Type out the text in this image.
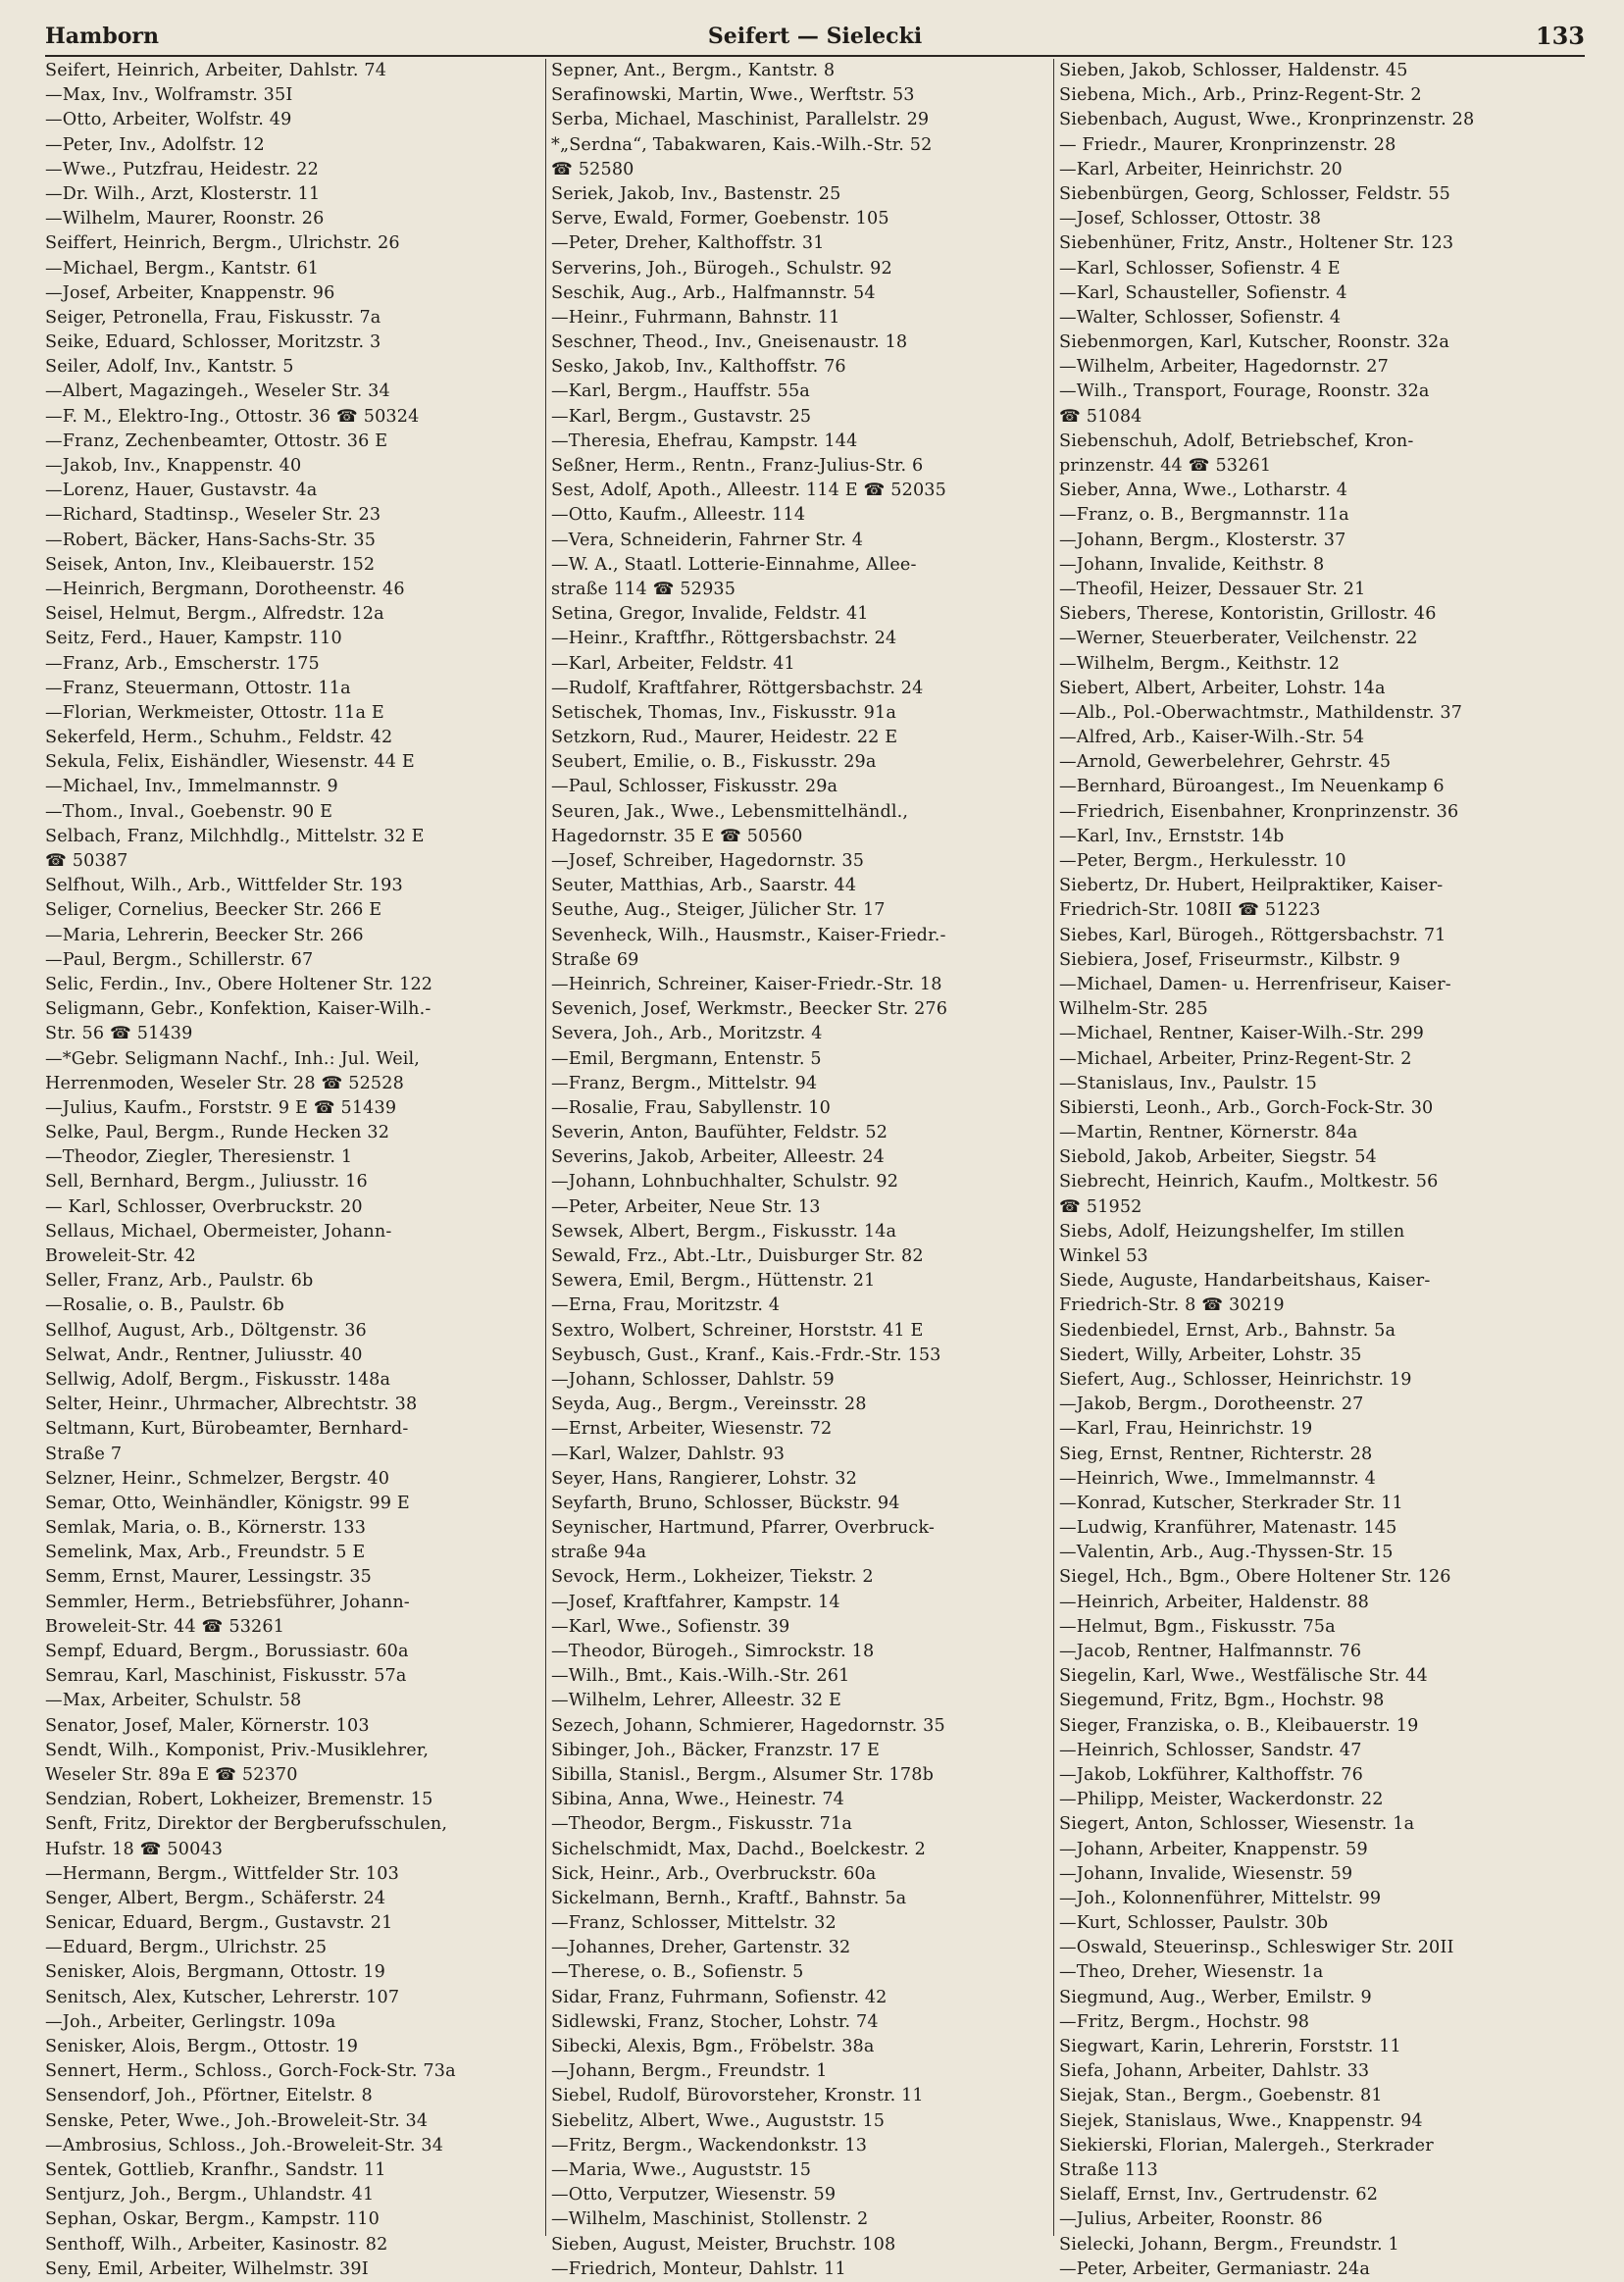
Seifert — Sielecki
Hamborn	133
Seifert, Heinrich, Arbeiter, Dahlstr. 74
—Max, Inv., Wolframstr. 35I
—Otto, Arbeiter, Wolfstr. 49
—Peter, Inv., Adolfstr. 12
—Wwe., Putzfrau, Heidestr. 22
—Dr. Wilh., Arzt, Klosterstr. 11
—Wilhelm, Maurer, Roonstr. 26
Seiffert, Heinrich, Bergm., Ulrichstr. 26
—Michael, Bergm., Kantstr. 61
—Josef, Arbeiter, Knappenstr. 96
Seiger, Petronella, Frau, Fiskusstr. 7a
Seike, Eduard, Schlosser, Moritzstr. 3
Seiler, Adolf, Inv., Kantstr. 5
—Albert, Magazingeh., Weseler Str. 34
—F. M., Elektro-Ing., Ottostr. 36 ☎ 50324
—Franz, Zechenbeamter, Ottostr. 36 E
—Jakob, Inv., Knappenstr. 40
—Lorenz, Hauer, Gustavstr. 4a
—Richard, Stadtinsp., Weseler Str. 23
—Robert, Bäcker, Hans-Sachs-Str. 35
Seisek, Anton, Inv., Kleibauerstr. 152
—Heinrich, Bergmann, Dorotheenstr. 46
Seisel, Helmut, Bergm., Alfredstr. 12a
Seitz, Ferd., Hauer, Kampstr. 110
—Franz, Arb., Emscherstr. 175
—Franz, Steuermann, Ottostr. 11a
—Florian, Werkmeister, Ottostr. 11a E
Sekerfeld, Herm., Schuhm., Feldstr. 42
Sekula, Felix, Eishändler, Wiesenstr. 44 E
—Michael, Inv., Immelmannstr. 9
—Thom., Inval., Goebenstr. 90 E
Selbach, Franz, Milchhdlg., Mittelstr. 32 E
☎ 50387
Selfhout, Wilh., Arb., Wittfelder Str. 193
Seliger, Cornelius, Beecker Str. 266 E
—Maria, Lehrerin, Beecker Str. 266
—Paul, Bergm., Schillerstr. 67
Selic, Ferdin., Inv., Obere Holtener Str. 122
Seligmann, Gebr., Konfektion, Kaiser-Wilh.-
Str. 56 ☎ 51439
—*Gebr. Seligmann Nachf., Inh.: Jul. Weil,
Herrenmoden, Weseler Str. 28 ☎ 52528
—Julius, Kaufm., Forststr. 9 E ☎ 51439
Selke, Paul, Bergm., Runde Hecken 32
—Theodor, Ziegler, Theresienstr. 1
Sell, Bernhard, Bergm., Juliusstr. 16
— Karl, Schlosser, Overbruckstr. 20
Sellaus, Michael, Obermeister, Johann-
Broweleit-Str. 42
Seller, Franz, Arb., Paulstr. 6b
—Rosalie, o. B., Paulstr. 6b
Sellhof, August, Arb., Döltgenstr. 36
Selwat, Andr., Rentner, Juliusstr. 40
Sellwig, Adolf, Bergm., Fiskusstr. 148a
Selter, Heinr., Uhrmacher, Albrechtstr. 38
Seltmann, Kurt, Bürobeamter, Bernhard-
Straße 7
Selzner, Heinr., Schmelzer, Bergstr. 40
Semar, Otto, Weinhändler, Königstr. 99 E
Semlak, Maria, o. B., Körnerstr. 133
Semelink, Max, Arb., Freundstr. 5 E
Semm, Ernst, Maurer, Lessingstr. 35
Semmler, Herm., Betriebsführer, Johann-
Broweleit-Str. 44 ☎ 53261
Sempf, Eduard, Bergm., Borussiastr. 60a
Semrau, Karl, Maschinist, Fiskusstr. 57a
—Max, Arbeiter, Schulstr. 58
Senator, Josef, Maler, Körnerstr. 103
Sendt, Wilh., Komponist, Priv.-Musiklehrer,
Weseler Str. 89a E ☎ 52370
Sendzian, Robert, Lokheizer, Bremenstr. 15
Senft, Fritz, Direktor der Bergberufsschulen,
Hufstr. 18 ☎ 50043
—Hermann, Bergm., Wittfelder Str. 103
Senger, Albert, Bergm., Schäferstr. 24
Senicar, Eduard, Bergm., Gustavstr. 21
—Eduard, Bergm., Ulrichstr. 25
Senisker, Alois, Bergmann, Ottostr. 19
Senitsch, Alex, Kutscher, Lehrerstr. 107
—Joh., Arbeiter, Gerlingstr. 109a
Senisker, Alois, Bergm., Ottostr. 19
Sennert, Herm., Schloss., Gorch-Fock-Str. 73a
Sensendorf, Joh., Pförtner, Eitelstr. 8
Senske, Peter, Wwe., Joh.-Broweleit-Str. 34
—Ambrosius, Schloss., Joh.-Broweleit-Str. 34
Sentek, Gottlieb, Kranfhr., Sandstr. 11
Sentjurz, Joh., Bergm., Uhlandstr. 41
Sephan, Oskar, Bergm., Kampstr. 110
Senthoff, Wilh., Arbeiter, Kasinostr. 82
Seny, Emil, Arbeiter, Wilhelmstr. 39I
Sepner, Ant., Bergm., Kantstr. 8
Serafinowski, Martin, Wwe., Werftstr. 53
Serba, Michael, Maschinist, Parallelstr. 29
*„Serdna“, Tabakwaren, Kais.-Wilh.-Str. 52
☎ 52580
Seriek, Jakob, Inv., Bastenstr. 25
Serve, Ewald, Former, Goebenstr. 105
—Peter, Dreher, Kalthoffstr. 31
Serverins, Joh., Bürogeh., Schulstr. 92
Seschik, Aug., Arb., Halfmannstr. 54
—Heinr., Fuhrmann, Bahnstr. 11
Seschner, Theod., Inv., Gneisenaustr. 18
Sesko, Jakob, Inv., Kalthoffstr. 76
—Karl, Bergm., Hauffstr. 55a
—Karl, Bergm., Gustavstr. 25
—Theresia, Ehefrau, Kampstr. 144
Seßner, Herm., Rentn., Franz-Julius-Str. 6
Sest, Adolf, Apoth., Alleestr. 114 E ☎ 52035
—Otto, Kaufm., Alleestr. 114
—Vera, Schneiderin, Fahrner Str. 4
—W. A., Staatl. Lotterie-Einnahme, Allee-
straße 114 ☎ 52935
Setina, Gregor, Invalide, Feldstr. 41
—Heinr., Kraftfhr., Röttgersbachstr. 24
—Karl, Arbeiter, Feldstr. 41
—Rudolf, Kraftfahrer, Röttgersbachstr. 24
Setischek, Thomas, Inv., Fiskusstr. 91a
Setzkorn, Rud., Maurer, Heidestr. 22 E
Seubert, Emilie, o. B., Fiskusstr. 29a
—Paul, Schlosser, Fiskusstr. 29a
Seuren, Jak., Wwe., Lebensmittelhändl.,
Hagedornstr. 35 E ☎ 50560
—Josef, Schreiber, Hagedornstr. 35
Seuter, Matthias, Arb., Saarstr. 44
Seuthe, Aug., Steiger, Jülicher Str. 17
Sevenheck, Wilh., Hausmstr., Kaiser-Friedr.-
Straße 69
—Heinrich, Schreiner, Kaiser-Friedr.-Str. 18
Sevenich, Josef, Werkmstr., Beecker Str. 276
Severa, Joh., Arb., Moritzstr. 4
—Emil, Bergmann, Entenstr. 5
—Franz, Bergm., Mittelstr. 94
—Rosalie, Frau, Sabyllenstr. 10
Severin, Anton, Baufühter, Feldstr. 52
Severins, Jakob, Arbeiter, Alleestr. 24
—Johann, Lohnbuchhalter, Schulstr. 92
—Peter, Arbeiter, Neue Str. 13
Sewsek, Albert, Bergm., Fiskusstr. 14a
Sewald, Frz., Abt.-Ltr., Duisburger Str. 82
Sewera, Emil, Bergm., Hüttenstr. 21
—Erna, Frau, Moritzstr. 4
Sextro, Wolbert, Schreiner, Horststr. 41 E
Seybusch, Gust., Kranf., Kais.-Frdr.-Str. 153
—Johann, Schlosser, Dahlstr. 59
Seyda, Aug., Bergm., Vereinsstr. 28
—Ernst, Arbeiter, Wiesenstr. 72
—Karl, Walzer, Dahlstr. 93
Seyer, Hans, Rangierer, Lohstr. 32
Seyfarth, Bruno, Schlosser, Bückstr. 94
Seynischer, Hartmund, Pfarrer, Overbruck-
straße 94a
Sevock, Herm., Lokheizer, Tiekstr. 2
—Josef, Kraftfahrer, Kampstr. 14
—Karl, Wwe., Sofienstr. 39
—Theodor, Bürogeh., Simrockstr. 18
—Wilh., Bmt., Kais.-Wilh.-Str. 261
—Wilhelm, Lehrer, Alleestr. 32 E
Sezech, Johann, Schmierer, Hagedornstr. 35
Sibinger, Joh., Bäcker, Franzstr. 17 E
Sibilla, Stanisl., Bergm., Alsumer Str. 178b
Sibina, Anna, Wwe., Heinestr. 74
—Theodor, Bergm., Fiskusstr. 71a
Sichelschmidt, Max, Dachd., Boelckestr. 2
Sick, Heinr., Arb., Overbruckstr. 60a
Sickelmann, Bernh., Kraftf., Bahnstr. 5a
—Franz, Schlosser, Mittelstr. 32
—Johannes, Dreher, Gartenstr. 32
—Therese, o. B., Sofienstr. 5
Sidar, Franz, Fuhrmann, Sofienstr. 42
Sidlewski, Franz, Stocher, Lohstr. 74
Sibecki, Alexis, Bgm., Fröbelstr. 38a
—Johann, Bergm., Freundstr. 1
Siebel, Rudolf, Bürovorsteher, Kronstr. 11
Siebelitz, Albert, Wwe., Auguststr. 15
—Fritz, Bergm., Wackendonkstr. 13
—Maria, Wwe., Auguststr. 15
—Otto, Verputzer, Wiesenstr. 59
—Wilhelm, Maschinist, Stollenstr. 2
Sieben, August, Meister, Bruchstr. 108
—Friedrich, Monteur, Dahlstr. 11
Sieben, Jakob, Schlosser, Haldenstr. 45
Siebena, Mich., Arb., Prinz-Regent-Str. 2
Siebenbach, August, Wwe., Kronprinzenstr. 28
— Friedr., Maurer, Kronprinzenstr. 28
—Karl, Arbeiter, Heinrichstr. 20
Siebenbürgen, Georg, Schlosser, Feldstr. 55
—Josef, Schlosser, Ottostr. 38
Siebenhüner, Fritz, Anstr., Holtener Str. 123
—Karl, Schlosser, Sofienstr. 4 E
—Karl, Schausteller, Sofienstr. 4
—Walter, Schlosser, Sofienstr. 4
Siebenmorgen, Karl, Kutscher, Roonstr. 32a
—Wilhelm, Arbeiter, Hagedornstr. 27
—Wilh., Transport, Fourage, Roonstr. 32a
☎ 51084
Siebenschuh, Adolf, Betriebschef, Kron-
prinzenstr. 44 ☎ 53261
Sieber, Anna, Wwe., Lotharstr. 4
—Franz, o. B., Bergmannstr. 11a
—Johann, Bergm., Klosterstr. 37
—Johann, Invalide, Keithstr. 8
—Theofil, Heizer, Dessauer Str. 21
Siebers, Therese, Kontoristin, Grillostr. 46
—Werner, Steuerberater, Veilchenstr. 22
—Wilhelm, Bergm., Keithstr. 12
Siebert, Albert, Arbeiter, Lohstr. 14a
—Alb., Pol.-Oberwachtmstr., Mathildenstr. 37
—Alfred, Arb., Kaiser-Wilh.-Str. 54
—Arnold, Gewerbelehrer, Gehrstr. 45
—Bernhard, Büroangest., Im Neuenkamp 6
—Friedrich, Eisenbahner, Kronprinzenstr. 36
—Karl, Inv., Ernststr. 14b
—Peter, Bergm., Herkulesstr. 10
Siebertz, Dr. Hubert, Heilpraktiker, Kaiser-
Friedrich-Str. 108II ☎ 51223
Siebes, Karl, Bürogeh., Röttgersbachstr. 71
Siebiera, Josef, Friseurmstr., Kilbstr. 9
—Michael, Damen- u. Herrenfriseur, Kaiser-
Wilhelm-Str. 285
—Michael, Rentner, Kaiser-Wilh.-Str. 299
—Michael, Arbeiter, Prinz-Regent-Str. 2
—Stanislaus, Inv., Paulstr. 15
Sibiersti, Leonh., Arb., Gorch-Fock-Str. 30
—Martin, Rentner, Körnerstr. 84a
Siebold, Jakob, Arbeiter, Siegstr. 54
Siebrecht, Heinrich, Kaufm., Moltkestr. 56
☎ 51952
Siebs, Adolf, Heizungshelfer, Im stillen
Winkel 53
Siede, Auguste, Handarbeitshaus, Kaiser-
Friedrich-Str. 8 ☎ 30219
Siedenbiedel, Ernst, Arb., Bahnstr. 5a
Siedert, Willy, Arbeiter, Lohstr. 35
Siefert, Aug., Schlosser, Heinrichstr. 19
—Jakob, Bergm., Dorotheenstr. 27
—Karl, Frau, Heinrichstr. 19
Sieg, Ernst, Rentner, Richterstr. 28
—Heinrich, Wwe., Immelmannstr. 4
—Konrad, Kutscher, Sterkrader Str. 11
—Ludwig, Kranführer, Matenastr. 145
—Valentin, Arb., Aug.-Thyssen-Str. 15
Siegel, Hch., Bgm., Obere Holtener Str. 126
—Heinrich, Arbeiter, Haldenstr. 88
—Helmut, Bgm., Fiskusstr. 75a
—Jacob, Rentner, Halfmannstr. 76
Siegelin, Karl, Wwe., Westfälische Str. 44
Siegemund, Fritz, Bgm., Hochstr. 98
Sieger, Franziska, o. B., Kleibauerstr. 19
—Heinrich, Schlosser, Sandstr. 47
—Jakob, Lokführer, Kalthoffstr. 76
—Philipp, Meister, Wackerdonstr. 22
Siegert, Anton, Schlosser, Wiesenstr. 1a
—Johann, Arbeiter, Knappenstr. 59
—Johann, Invalide, Wiesenstr. 59
—Joh., Kolonnenführer, Mittelstr. 99
—Kurt, Schlosser, Paulstr. 30b
—Oswald, Steuerinsp., Schleswiger Str. 20II
—Theo, Dreher, Wiesenstr. 1a
Siegmund, Aug., Werber, Emilstr. 9
—Fritz, Bergm., Hochstr. 98
Siegwart, Karin, Lehrerin, Forststr. 11
Siefa, Johann, Arbeiter, Dahlstr. 33
Siejak, Stan., Bergm., Goebenstr. 81
Siejek, Stanislaus, Wwe., Knappenstr. 94
Siekierski, Florian, Malergeh., Sterkrader
Straße 113
Sielaff, Ernst, Inv., Gertrudenstr. 62
—Julius, Arbeiter, Roonstr. 86
Sielecki, Johann, Bergm., Freundstr. 1
—Peter, Arbeiter, Germaniastr. 24a
